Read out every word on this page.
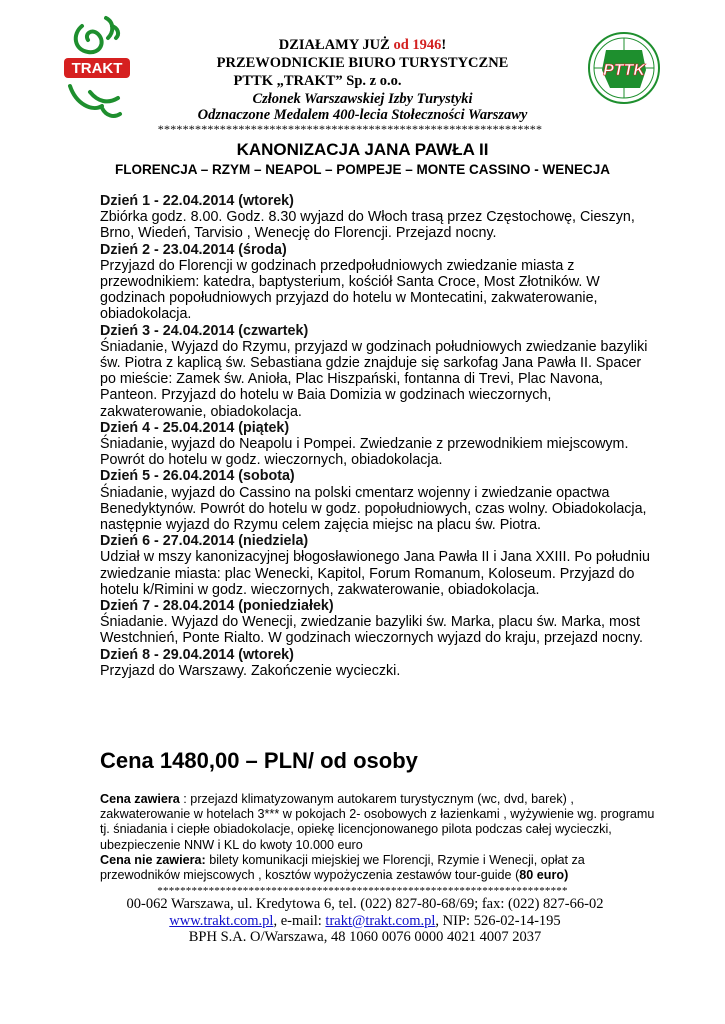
TRAKT	PTTK
DZIAŁAMY JUŻ od 1946!
PRZEWODNICKIE BIURO TURYSTYCZNE
PTTK „TRAKT” Sp. z o.o.
Członek Warszawskiej Izby Turystyki
Odznaczone Medalem 400-lecia Stołeczności Warszawy
**************************************************************
KANONIZACJA JANA PAWŁA II
FLORENCJA – RZYM – NEAPOL – POMPEJE – MONTE CASSINO - WENECJA
Dzień 1 - 22.04.2014 (wtorek)

Zbiórka godz. 8.00. Godz. 8.30 wyjazd do Włoch trasą przez Częstochowę, Cieszyn, Brno, Wiedeń, Tarvisio , Wenecję do Florencji. Przejazd nocny.

Dzień 2 - 23.04.2014 (środa)

Przyjazd do Florencji w godzinach przedpołudniowych zwiedzanie miasta z przewodnikiem: katedra, baptysterium, kościół Santa Croce, Most Złotników. W godzinach popołudniowych przyjazd do hotelu w Montecatini, zakwaterowanie, obiadokolacja.

Dzień 3 - 24.04.2014 (czwartek)

Śniadanie, Wyjazd do Rzymu, przyjazd w godzinach południowych zwiedzanie bazyliki św. Piotra z kaplicą św. Sebastiana gdzie znajduje się sarkofag Jana Pawła II. Spacer po mieście: Zamek św. Anioła, Plac Hiszpański, fontanna di Trevi, Plac Navona, Panteon. Przyjazd do hotelu w Baia Domizia w godzinach wieczornych, zakwaterowanie, obiadokolacja.

Dzień 4 - 25.04.2014 (piątek)

Śniadanie, wyjazd do Neapolu i Pompei. Zwiedzanie z przewodnikiem miejscowym. Powrót do hotelu w godz. wieczornych, obiadokolacja.

Dzień 5 - 26.04.2014 (sobota)

Śniadanie, wyjazd do Cassino na polski cmentarz wojenny i zwiedzanie opactwa Benedyktynów. Powrót do hotelu w godz. popołudniowych, czas wolny. Obiadokolacja, następnie wyjazd do Rzymu celem zajęcia miejsc na placu św. Piotra.

Dzień 6 - 27.04.2014 (niedziela)

Udział w mszy kanonizacyjnej błogosławionego Jana Pawła II i Jana XXIII. Po południu zwiedzanie miasta: plac Wenecki, Kapitol, Forum Romanum, Koloseum. Przyjazd do hotelu k/Rimini w godz. wieczornych, zakwaterowanie, obiadokolacja.

Dzień 7 - 28.04.2014 (poniedziałek)

Śniadanie. Wyjazd do Wenecji, zwiedzanie bazyliki św. Marka, placu św. Marka, most Westchnień, Ponte Rialto. W godzinach wieczornych wyjazd do kraju, przejazd nocny.

Dzień 8 - 29.04.2014 (wtorek)

Przyjazd do Warszawy. Zakończenie wycieczki.

Cena 1480,00 – PLN/ od osoby
Cena zawiera : przejazd klimatyzowanym autokarem turystycznym (wc, dvd, barek) , zakwaterowanie w hotelach 3*** w pokojach 2- osobowych z łazienkami , wyżywienie wg. programu tj. śniadania i ciepłe obiadokolacje, opiekę licencjonowanego pilota podczas całej wycieczki, ubezpieczenie NNW i KL do kwoty 10.000 euro
Cena nie zawiera: bilety komunikacji miejskiej we Florencji, Rzymie i Wenecji, opłat za przewodników miejscowych , kosztów wypożyczenia zestawów tour-guide (80 euro)
************************************************************************
00-062 Warszawa, ul. Kredytowa 6, tel. (022) 827-80-68/69; fax: (022) 827-66-02
www.trakt.com.pl, e-mail: trakt@trakt.com.pl, NIP: 526-02-14-195
BPH S.A. O/Warszawa, 48 1060 0076 0000 4021 4007 2037
